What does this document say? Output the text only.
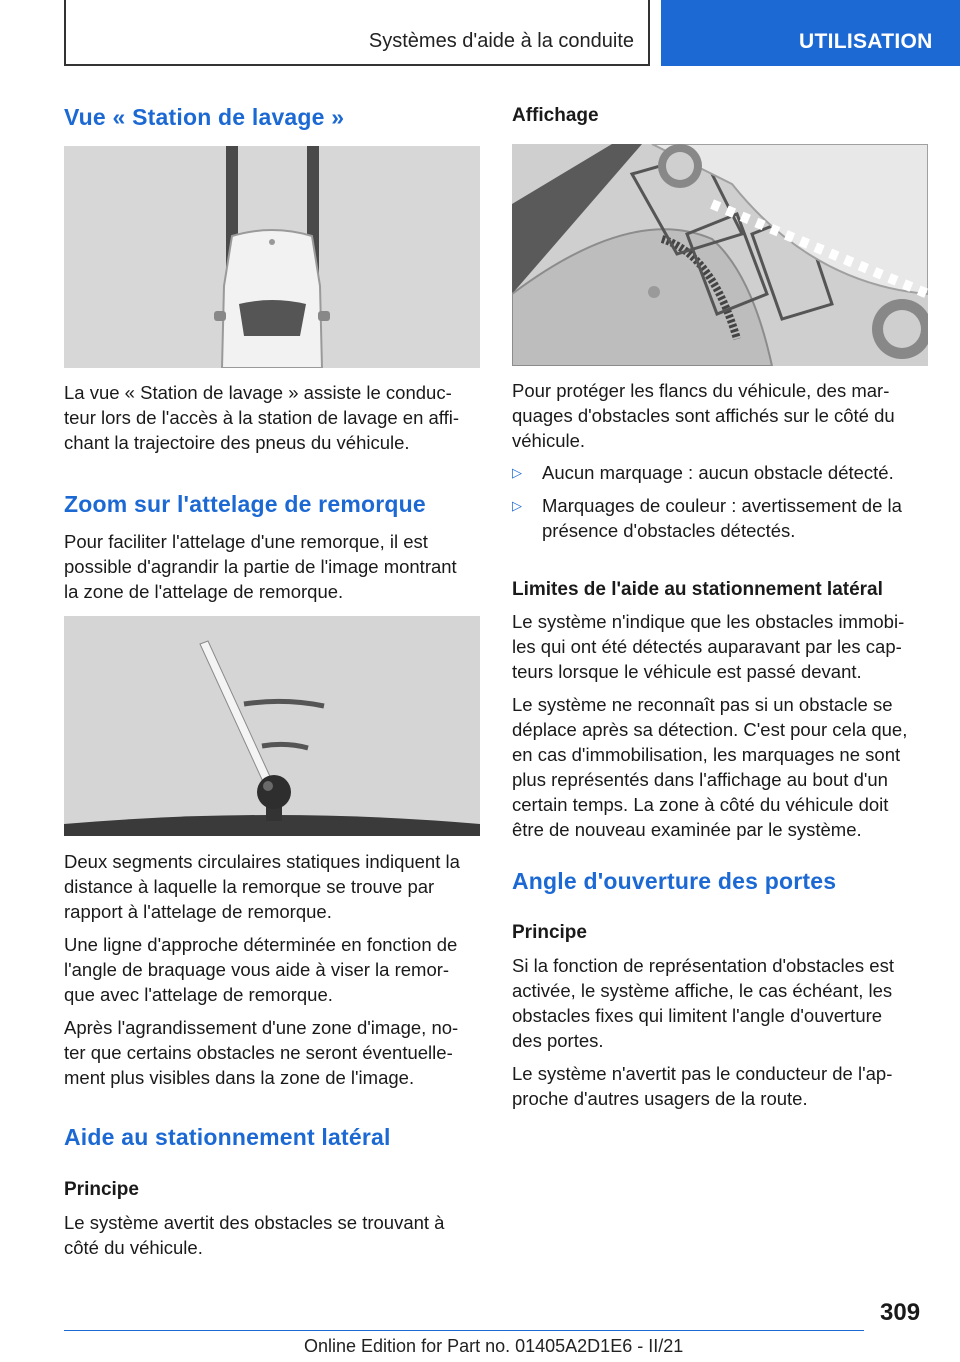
Systèmes d'aide à la conduite	UTILISATION
Vue « Station de lavage »

La vue « Station de lavage » assiste le conduc‐
teur lors de l'accès à la station de lavage en affi‐
chant la trajectoire des pneus du véhicule.

Zoom sur l'attelage de remorque

Pour faciliter l'attelage d'une remorque, il est
possible d'agrandir la partie de l'image montrant
la zone de l'attelage de remorque.

Deux segments circulaires statiques indiquent la
distance à laquelle la remorque se trouve par
rapport à l'attelage de remorque.

Une ligne d'approche déterminée en fonction de
l'angle de braquage vous aide à viser la remor‐
que avec l'attelage de remorque.

Après l'agrandissement d'une zone d'image, no‐
ter que certains obstacles ne seront éventuelle‐
ment plus visibles dans la zone de l'image.

Aide au stationnement latéral
Principe

Le système avertit des obstacles se trouvant à
côté du véhicule.

Affichage

Pour protéger les flancs du véhicule, des mar‐
quages d'obstacles sont affichés sur le côté du
véhicule.

▷ Aucun marquage : aucun obstacle détecté.
▷ Marquages de couleur : avertissement de la
présence d'obstacles détectés.
Limites de l'aide au stationnement latéral

Le système n'indique que les obstacles immobi‐
les qui ont été détectés auparavant par les cap‐
teurs lorsque le véhicule est passé devant.

Le système ne reconnaît pas si un obstacle se
déplace après sa détection. C'est pour cela que,
en cas d'immobilisation, les marquages ne sont
plus représentés dans l'affichage au bout d'un
certain temps. La zone à côté du véhicule doit
être de nouveau examinée par le système.

Angle d'ouverture des portes
Principe

Si la fonction de représentation d'obstacles est
activée, le système affiche, le cas échéant, les
obstacles fixes qui limitent l'angle d'ouverture
des portes.

Le système n'avertit pas le conducteur de l'ap‐
proche d'autres usagers de la route.

309
Online Edition for Part no. 01405A2D1E6 - II/21
